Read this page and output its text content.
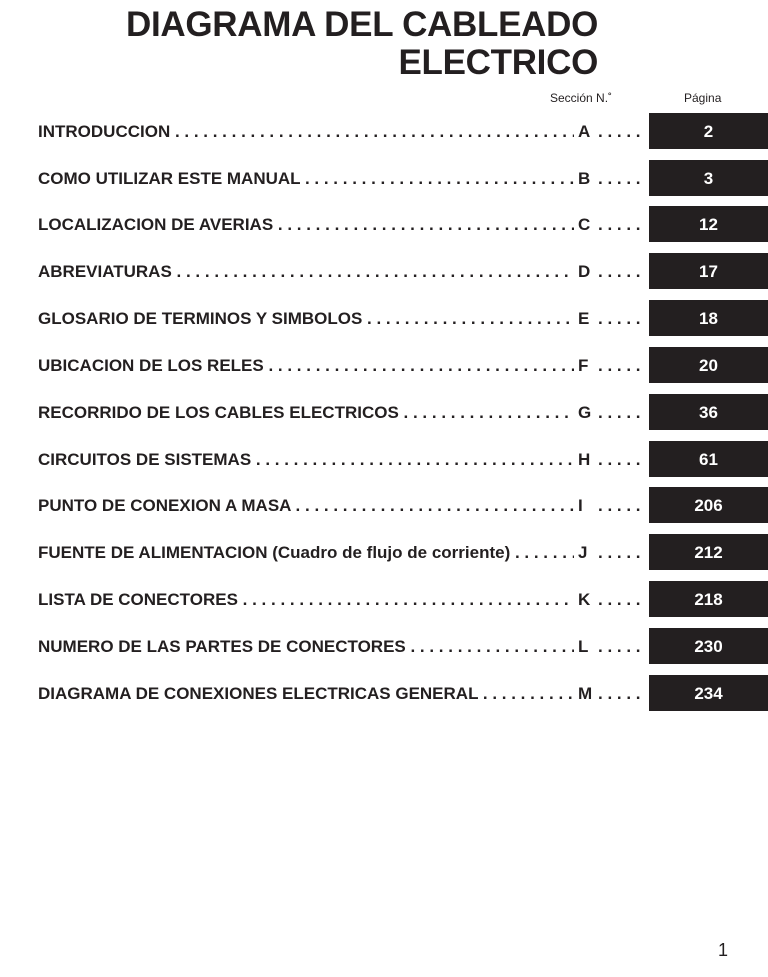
DIAGRAMA DEL CABLEADO
ELECTRICO
Sección N.˚	Página
INTRODUCCION . . .	A . . . . .	2
COMO UTILIZAR ESTE MANUAL . . .	B . . . . .	3
LOCALIZACION DE AVERIAS . . .	C . . . . .	12
ABREVIATURAS . . .	D . . . . .	17
GLOSARIO DE TERMINOS Y SIMBOLOS . . .	E . . . . .	18
UBICACION DE LOS RELES . . .	F . . . . .	20
RECORRIDO DE LOS CABLES ELECTRICOS . . .	G . . . . .	36
CIRCUITOS DE SISTEMAS . . .	H . . . . .	61
PUNTO DE CONEXION A MASA . . .	I . . . . .	206
FUENTE DE ALIMENTACION (Cuadro de flujo de corriente) . . .	J . . . . .	212
LISTA DE CONECTORES . . .	K . . . . .	218
NUMERO DE LAS PARTES DE CONECTORES . . .	L . . . . .	230
DIAGRAMA DE CONEXIONES ELECTRICAS GENERAL . . .	M . . . . .	234
1
